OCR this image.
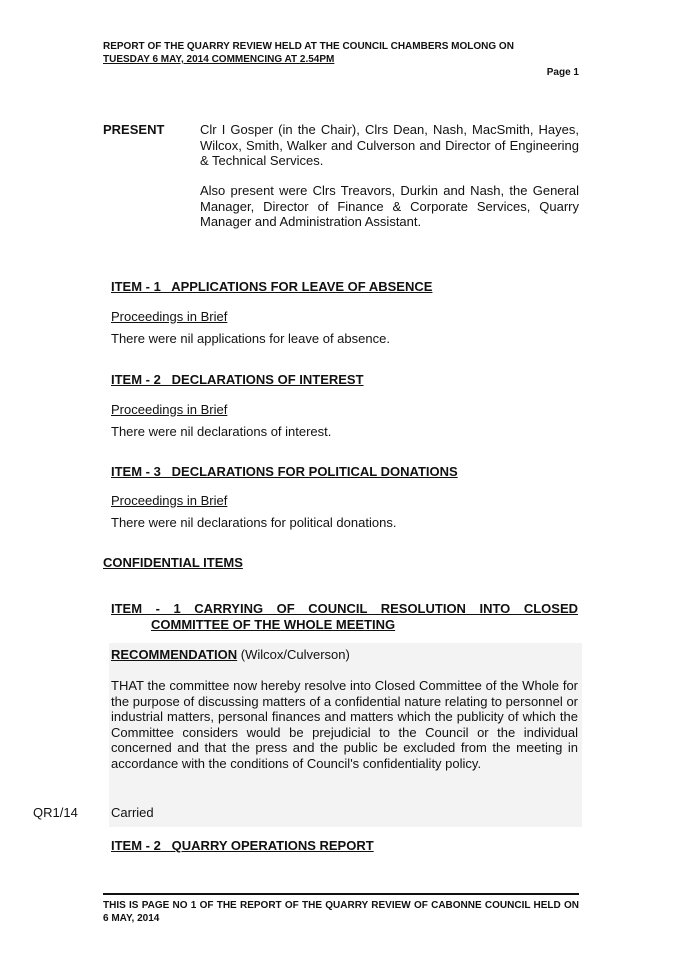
REPORT OF THE QUARRY REVIEW HELD AT THE COUNCIL CHAMBERS MOLONG ON
TUESDAY 6 MAY, 2014 COMMENCING AT 2.54PM
Page 1
PRESENT	Clr I Gosper (in the Chair), Clrs Dean, Nash, MacSmith, Hayes, Wilcox, Smith, Walker and Culverson and Director of Engineering & Technical Services.
Also present were Clrs Treavors, Durkin and Nash, the General Manager, Director of Finance & Corporate Services, Quarry Manager and Administration Assistant.
ITEM - 1   APPLICATIONS FOR LEAVE OF ABSENCE
Proceedings in Brief
There were nil applications for leave of absence.
ITEM - 2   DECLARATIONS OF INTEREST
Proceedings in Brief
There were nil declarations of interest.
ITEM - 3   DECLARATIONS FOR POLITICAL DONATIONS
Proceedings in Brief
There were nil declarations for political donations.
CONFIDENTIAL ITEMS
ITEM - 1 CARRYING OF COUNCIL RESOLUTION INTO CLOSED
COMMITTEE OF THE WHOLE MEETING
RECOMMENDATION (Wilcox/Culverson)
THAT the committee now hereby resolve into Closed Committee of the Whole for the purpose of discussing matters of a confidential nature relating to personnel or industrial matters, personal finances and matters which the publicity of which the Committee considers would be prejudicial to the Council or the individual concerned and that the press and the public be excluded from the meeting in accordance with the conditions of Council's confidentiality policy.
QR1/14	Carried
ITEM - 2   QUARRY OPERATIONS REPORT
THIS IS PAGE NO 1 OF THE REPORT OF THE QUARRY REVIEW OF CABONNE COUNCIL HELD ON 6 MAY, 2014
